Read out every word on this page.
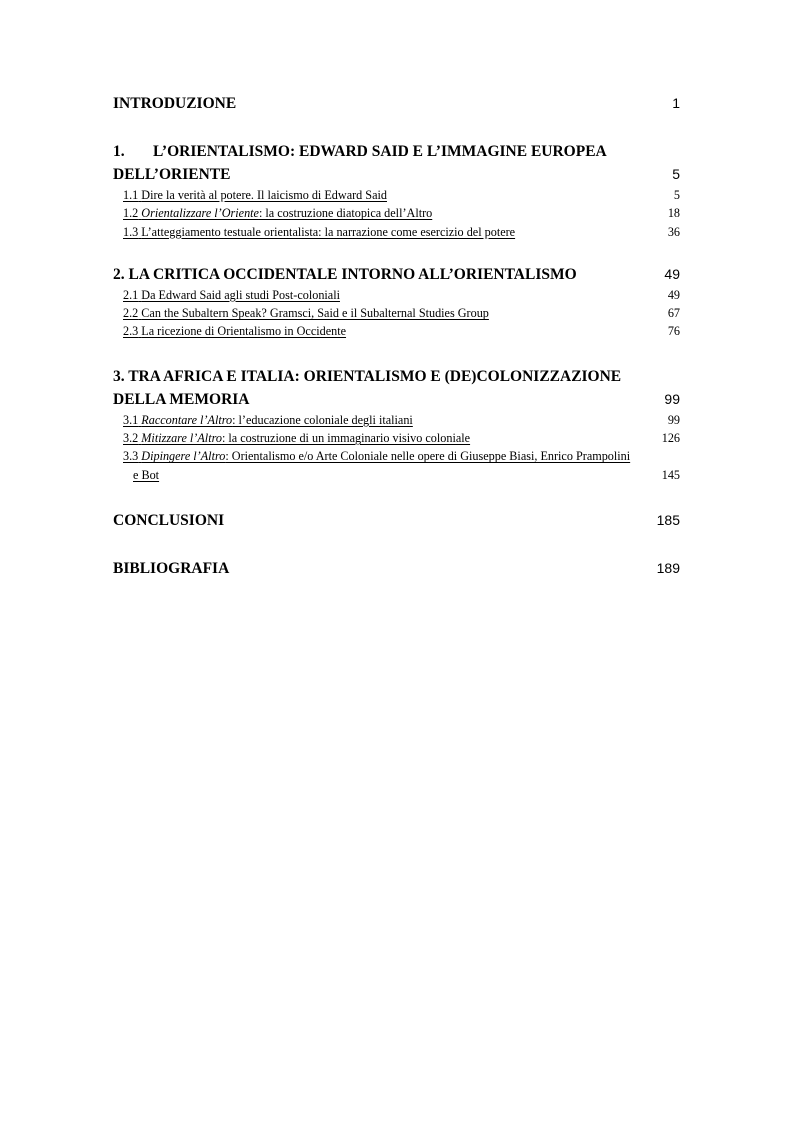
INTRODUZIONE	1
1. L’ORIENTALISMO: EDWARD SAID E L’IMMAGINE EUROPEA
DELL’ORIENTE	5
1.1 Dire la verità al potere. Il laicismo di Edward Said	5
1.2 Orientalizzare l’Oriente: la costruzione diatopica dell’Altro	18
1.3 L’atteggiamento testuale orientalista: la narrazione come esercizio del potere	36
2. LA CRITICA OCCIDENTALE INTORNO ALL’ORIENTALISMO	49
2.1 Da Edward Said agli studi Post-coloniali	49
2.2 Can the Subaltern Speak? Gramsci, Said e il Subalternal Studies Group	67
2.3 La ricezione di Orientalismo in Occidente	76
3. TRA AFRICA E ITALIA: ORIENTALISMO E (DE)COLONIZZAZIONE
DELLA MEMORIA	99
3.1 Raccontare l’Altro: l’educazione coloniale degli italiani	99
3.2 Mitizzare l’Altro: la costruzione di un immaginario visivo coloniale	126
3.3 Dipingere l’Altro: Orientalismo e/o Arte Coloniale nelle opere di Giuseppe Biasi, Enrico Prampolini
e Bot	145
CONCLUSIONI	185
BIBLIOGRAFIA	189
